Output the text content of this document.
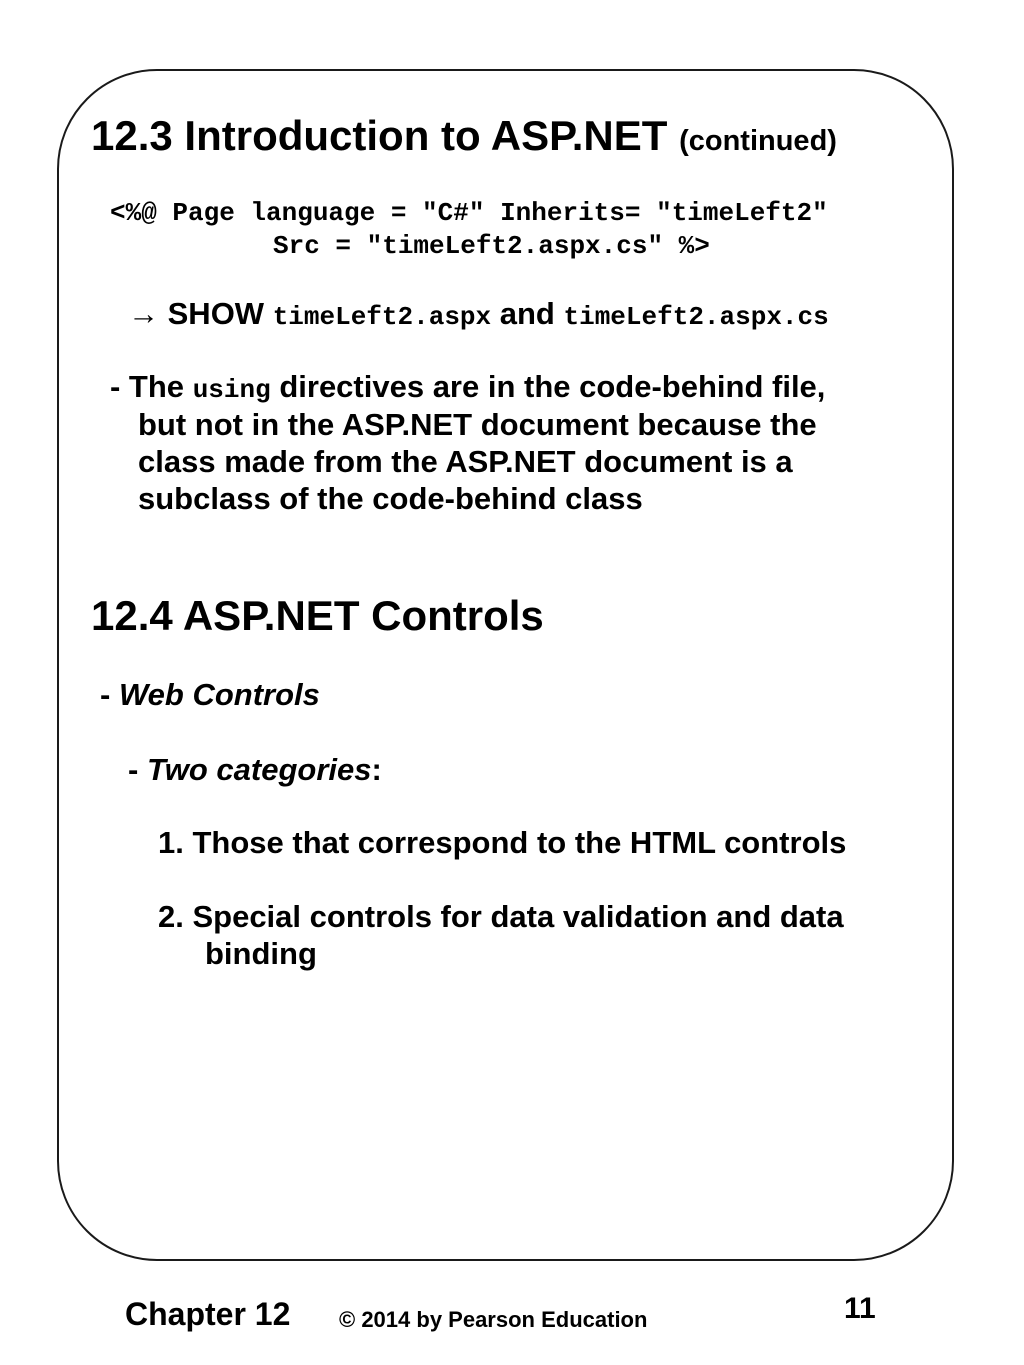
12.3 Introduction to ASP.NET (continued)
<%@ Page language = ″C#″ Inherits= ″timeLeft2″
Src = ″timeLeft2.aspx.cs″ %>
→ SHOW timeLeft2.aspx and timeLeft2.aspx.cs
- The using directives are in the code-behind file,
but not in the ASP.NET document because the
class made from the ASP.NET document is a
subclass of the code-behind class
12.4 ASP.NET Controls
- Web Controls
- Two categories:
1. Those that correspond to the HTML controls
2. Special controls for data validation and data
binding
Chapter 12 © 2014 by Pearson Education	11
